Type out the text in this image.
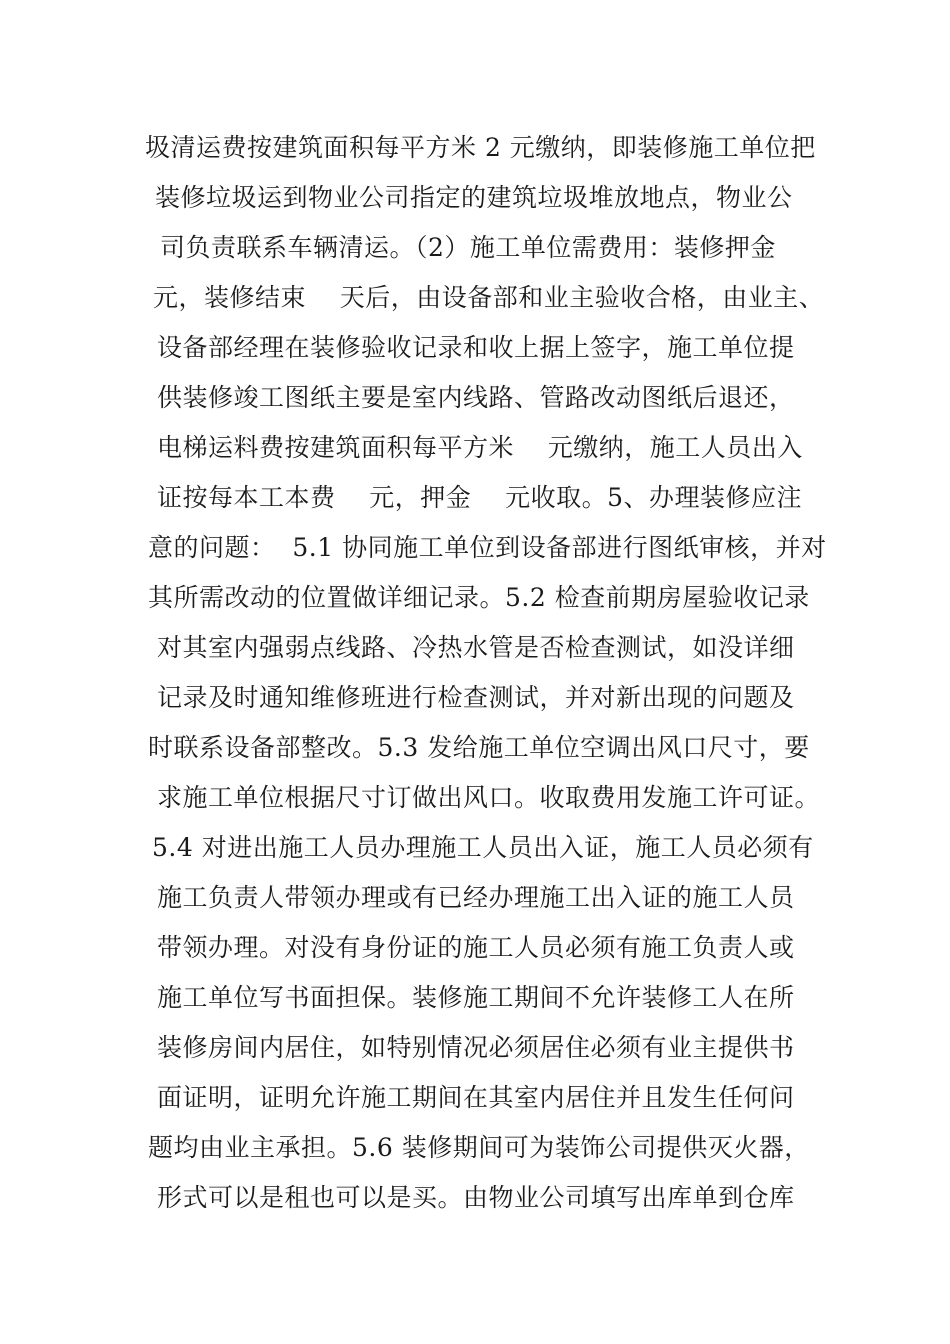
圾清运费按建筑面积每平方米 2 元缴纳，即装修施工单位把
装修垃圾运到物业公司指定的建筑垃圾堆放地点，物业公
司负责联系车辆清运。（2）施工单位需费用：装修押金
元，装修结束    天后，由设备部和业主验收合格，由业主、
设备部经理在装修验收记录和收上据上签字，施工单位提
供装修竣工图纸主要是室内线路、管路改动图纸后退还，
电梯运料费按建筑面积每平方米    元缴纳，施工人员出入
证按每本工本费    元，押金    元收取。5、办理装修应注
意的问题：  5.1 协同施工单位到设备部进行图纸审核，并对
其所需改动的位置做详细记录。5.2 检查前期房屋验收记录
对其室内强弱点线路、冷热水管是否检查测试，如没详细
记录及时通知维修班进行检查测试，并对新出现的问题及
时联系设备部整改。5.3 发给施工单位空调出风口尺寸，要
求施工单位根据尺寸订做出风口。收取费用发施工许可证。
5.4 对进出施工人员办理施工人员出入证，施工人员必须有
施工负责人带领办理或有已经办理施工出入证的施工人员
带领办理。对没有身份证的施工人员必须有施工负责人或
施工单位写书面担保。装修施工期间不允许装修工人在所
装修房间内居住，如特别情况必须居住必须有业主提供书
面证明，证明允许施工期间在其室内居住并且发生任何问
题均由业主承担。5.6 装修期间可为装饰公司提供灭火器，
形式可以是租也可以是买。由物业公司填写出库单到仓库
